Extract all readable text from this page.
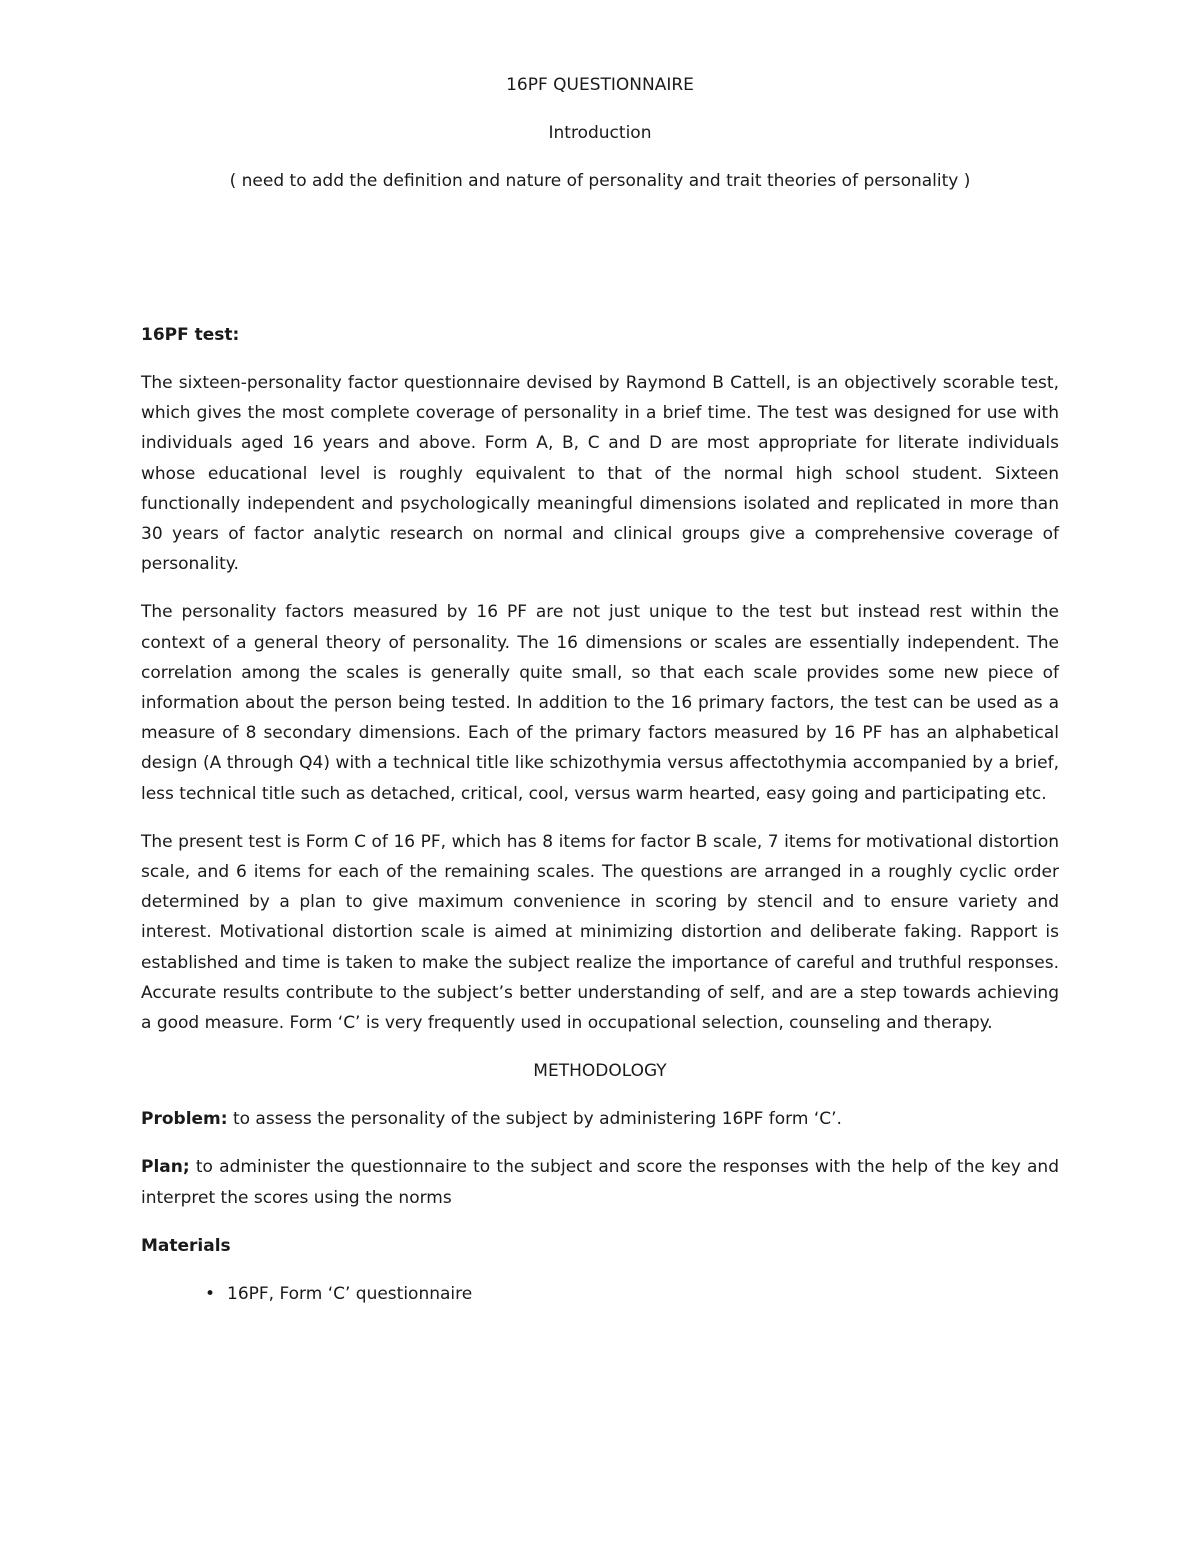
16PF QUESTIONNAIRE

Introduction

( need to add the definition and nature of personality and trait theories of personality )

16PF test:

The sixteen-personality factor questionnaire devised by Raymond B Cattell, is an objectively scorable test, which gives the most complete coverage of personality in a brief time. The test was designed for use with individuals aged 16 years and above. Form A, B, C and D are most appropriate for literate individuals whose educational level is roughly equivalent to that of the normal high school student. Sixteen functionally independent and psychologically meaningful dimensions isolated and replicated in more than 30 years of factor analytic research on normal and clinical groups give a comprehensive coverage of personality.

The personality factors measured by 16 PF are not just unique to the test but instead rest within the context of a general theory of personality. The 16 dimensions or scales are essentially independent. The correlation among the scales is generally quite small, so that each scale provides some new piece of information about the person being tested. In addition to the 16 primary factors, the test can be used as a measure of 8 secondary dimensions. Each of the primary factors measured by 16 PF has an alphabetical design (A through Q4) with a technical title like schizothymia versus affectothymia accompanied by a brief, less technical title such as detached, critical, cool, versus warm hearted, easy going and participating etc.

The present test is Form C of 16 PF, which has 8 items for factor B scale, 7 items for motivational distortion scale, and 6 items for each of the remaining scales. The questions are arranged in a roughly cyclic order determined by a plan to give maximum convenience in scoring by stencil and to ensure variety and interest. Motivational distortion scale is aimed at minimizing distortion and deliberate faking. Rapport is established and time is taken to make the subject realize the importance of careful and truthful responses. Accurate results contribute to the subject’s better understanding of self, and are a step towards achieving a good measure. Form ‘C’ is very frequently used in occupational selection, counseling and therapy.

METHODOLOGY

Problem: to assess the personality of the subject by administering 16PF form ‘C’.

Plan; to administer the questionnaire to the subject and score the responses with the help of the key and interpret the scores using the norms

Materials
• 16PF, Form ‘C’ questionnaire
